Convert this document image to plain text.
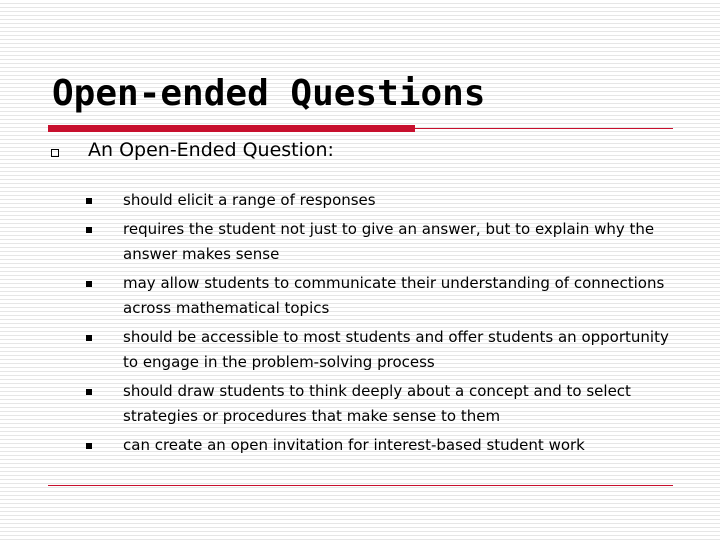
Open-ended Questions
An Open-Ended Question:
should elicit a range of responses
requires the student not just to give an answer, but to explain why the answer makes sense
may allow students to communicate their understanding of connections across mathematical topics
should be accessible to most students and offer students an opportunity to engage in the problem-solving process
should draw students to think deeply about a concept and to select strategies or procedures that make sense to them
can create an open invitation for interest-based student work
